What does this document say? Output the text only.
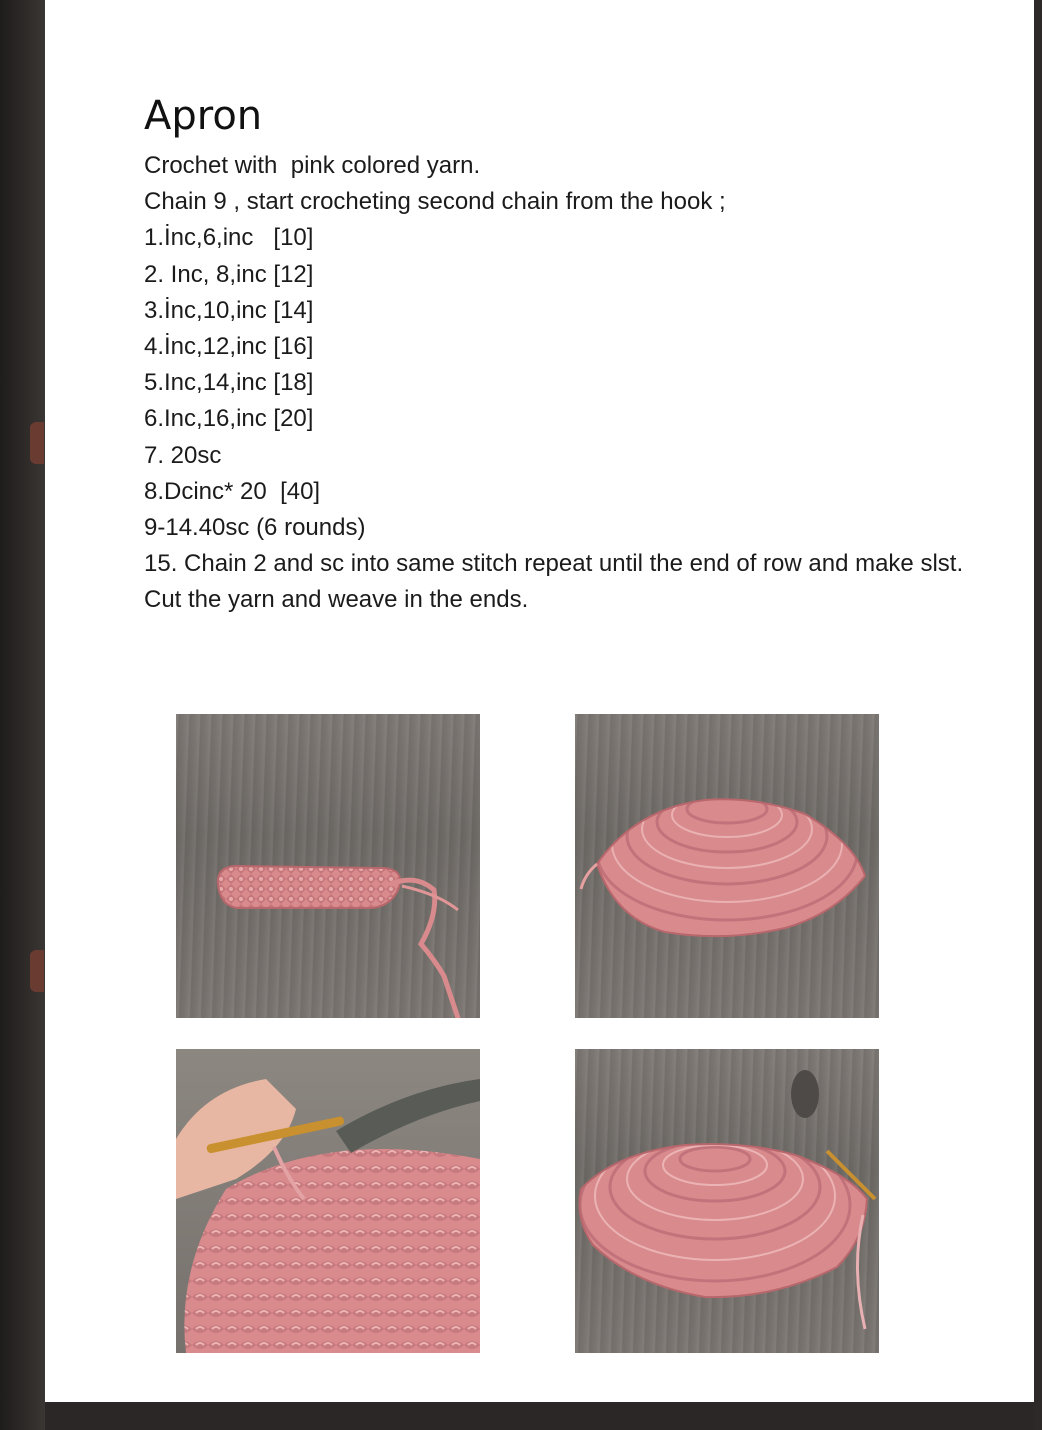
Apron

Crochet with  pink colored yarn.

Chain 9 , start crocheting second chain from the hook ;

1.İnc,6,inc   [10]

2. Inc, 8,inc [12]

3.İnc,10,inc [14]

4.İnc,12,inc [16]

5.Inc,14,inc [18]

6.Inc,16,inc [20]

7. 20sc

8.Dcinc* 20  [40]

9-14.40sc (6 rounds)

15. Chain 2 and sc into same stitch repeat until the end of row and make slst.

Cut the yarn and weave in the ends.
